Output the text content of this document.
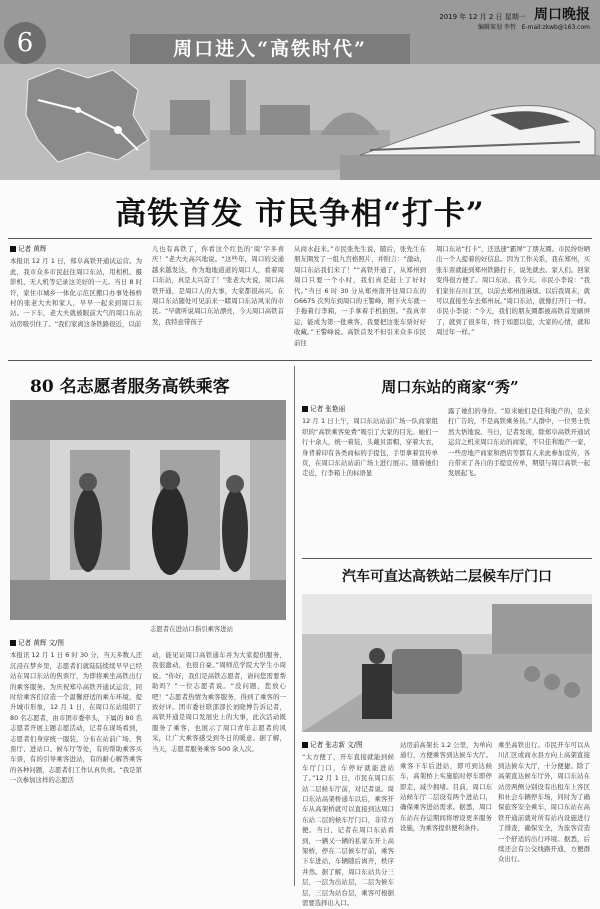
6	周口进入“高铁时代”
2019 年 12 月 2 日 星期一 周口晚报
编辑策划 李哲 E-mail:zkwb@163.com
高铁首发 市民争相“打卡”
记者 黄辉
本报讯 12 月 1 日，郑阜高铁开通试运营。为此，我市众多市民赶往周口东站，用相机、摄影机、无人机等记录这美好的一天。当日 8 时许，家住市城乡一体化示范区搬口办事处杨桥村的张老大夫和家人，早早一起来到周口东站。一下车，老大夫就被眼前大气的周口东站站房吸引住了。“我们家离这条铁路很近，以前
儿也有高铁了，你看这个红色的‘周’字多喜庆！”老大夫高兴地说。“这些年，周口的交通越来越发达，作为地地道道的周口人，看着周口东站，真是太兴奋了！”张老大夫说，周口高铁开通，是周口人的大事，大家都很高兴。在周口东站随处可见前来一睹周口东站风采的市民。“早就听说周口东站漂亮，今天周口高铁首发，我特意带孩子
从商水赶来。”市民张先生说，随后，张先生在朋友圈发了一组九宫格照片，并附言：“激动，周口东站我们来了！”“高铁开通了，从郑州到周口只要一个小时，我们真是赶上了好时代。”当日 6 时 30 分从郑州南开往周口东的 G6675 次列车到周口的王警峰，刚下火车就一手拖着行李箱，一手拿着手机拍照。“我真幸运，能成为第一批乘客，我要把这张车票好好收藏。”王警峰说。高铁首发不但引来众多市民前往
周口东站“打卡”，还迅速“霸屏”了朋友圈。市民纷纷晒出一个人提着的好信息。因为工作关系，我在郑州，买张车票就能到郑州铁路打卡，说先就去。家人们。回家变得很方便了。周口东站，我今天。市民小李说：“我们家住在川汇区，以前去郑州很麻烦。以后我周末，就可以直接坐车去郑州玩。”周口东站，就像打开门一样。市民小李说：“今天，我们的朋友圈都被高铁首发刷屏了，就到了很多年，终于如愿以偿，大家的心情，就和周过年一样。”
80 名志愿者服务高铁乘客
志愿者在进站口指引乘客进站
记者 黄辉 文/图
本报讯 12 月 1 日 6 时 30 分，当天多数人还沉浸在梦乡里，志愿者们就陆陆续续早早已经站在周口东站的售票厅，为即将乘坐高铁出行的乘客服务。为庆祝郑阜高铁开通试运营，同时给乘客们营造一个温馨舒适的乘车环境，提升城市形象，12 月 1 日，在周口东站组织了 80 名志愿者，由市团市委牵头，下属的 80 名志愿者开展主题志愿活动，记者在现场看到，志愿者们身穿统一服装，分布在站前广场、售票厅、进站口、候车厅等处，有的帮助乘客买车票，有的引导乘客进站，有的耐心解答乘客的各种问题，志愿者们工作认真负责。“我是第一次参加这样的志愿活
动，能见证周口高铁通车并为大家提供服务，我很激动，也很自豪。”周师范学院大学生小周说。“你好，我们是高铁志愿者，请问您需要帮助吗？”一位志愿者说。“没问题，您放心吧！”志愿者热情为乘客服务，得到了乘客的一致好评。团市委社联部部长刘晓博告诉记者，高铁开通是周口发展史上的大事，此次活动既服务了乘客，也展示了周口青年志愿者的风采，让广大乘客感受到冬日的暖意。据了解，当天，志愿者服务乘客 500 余人次。
周口东站的商家“秀”
记者 张艳丽
12 月 1 日上午，周口东站站前广场一队商家组织的“高铁乘客免费”吸引了大家的目光。她们一行十余人，统一着装，头戴贝雷帽，穿着大衣，身背着印有各类商标的手提包，手里拿着宣传单页，在周口东站站前广场上进行展示。随着她们走近，行李箱上的标语显
露了她们的身份。“原来她们是佳利地产的，是来打广告的，不是高铁乘务员。”人群中，一位男士恍然大悟地说。当日，记者发现，除郑阜高铁开通试运营之机来周口东站的商家，不只佳利地产一家，一些房地产商家和酒店等都有人来此参加宣传，各自带来了各自的手提宣传单，期望与周口高铁一起发展起飞。
汽车可直达高铁站二层候车厅门口
记者 张志新 文/图
“太方便了，开车直接就能到候车厅门口，车停好就能进站了。”12 月 1 日，市民在周口东站二层候车厅前，对记者说。周口东站高架桥通车以后，乘客开车从高架桥就可以直接到达周口东站二层的候车厅门口，非常方便。当日，记者在周口东站看到，一辆又一辆的私家车开上高架桥，停在二层候车厅前，乘客下车进站，车辆随后离开，秩序井然。据了解，周口东站共分三层，一层为出站层，二层为候车层，三层为站台层，乘客可根据需要选择出入口。
站房前高架长 1.2 公里，为单向通行，方便乘客到达候车大厅。乘客下车后进站，即可到达候车，高架桥上实施临时停车即停即走，减少拥堵。目前，周口东站候车厅二层设有两个进站口，确保乘客进站需求。据悉，周口东站在春运期间将增设更多服务设施，为乘客提供便利条件。
乘坐高铁出行。市民开车可以从川汇区或商水县方向上高架直接到达候车大厅，十分便捷。除了高架直达候车厅外，周口东站在站房两侧分别设有出租车上客区和社会车辆停车场，同时为了确保旅客安全乘车，周口东站在高铁开通前就对所有站内设施进行了排查，确保安全，为旅客营造一个舒适的出行环境。据悉，后续还会有公交线路开通，方便群众出行。
